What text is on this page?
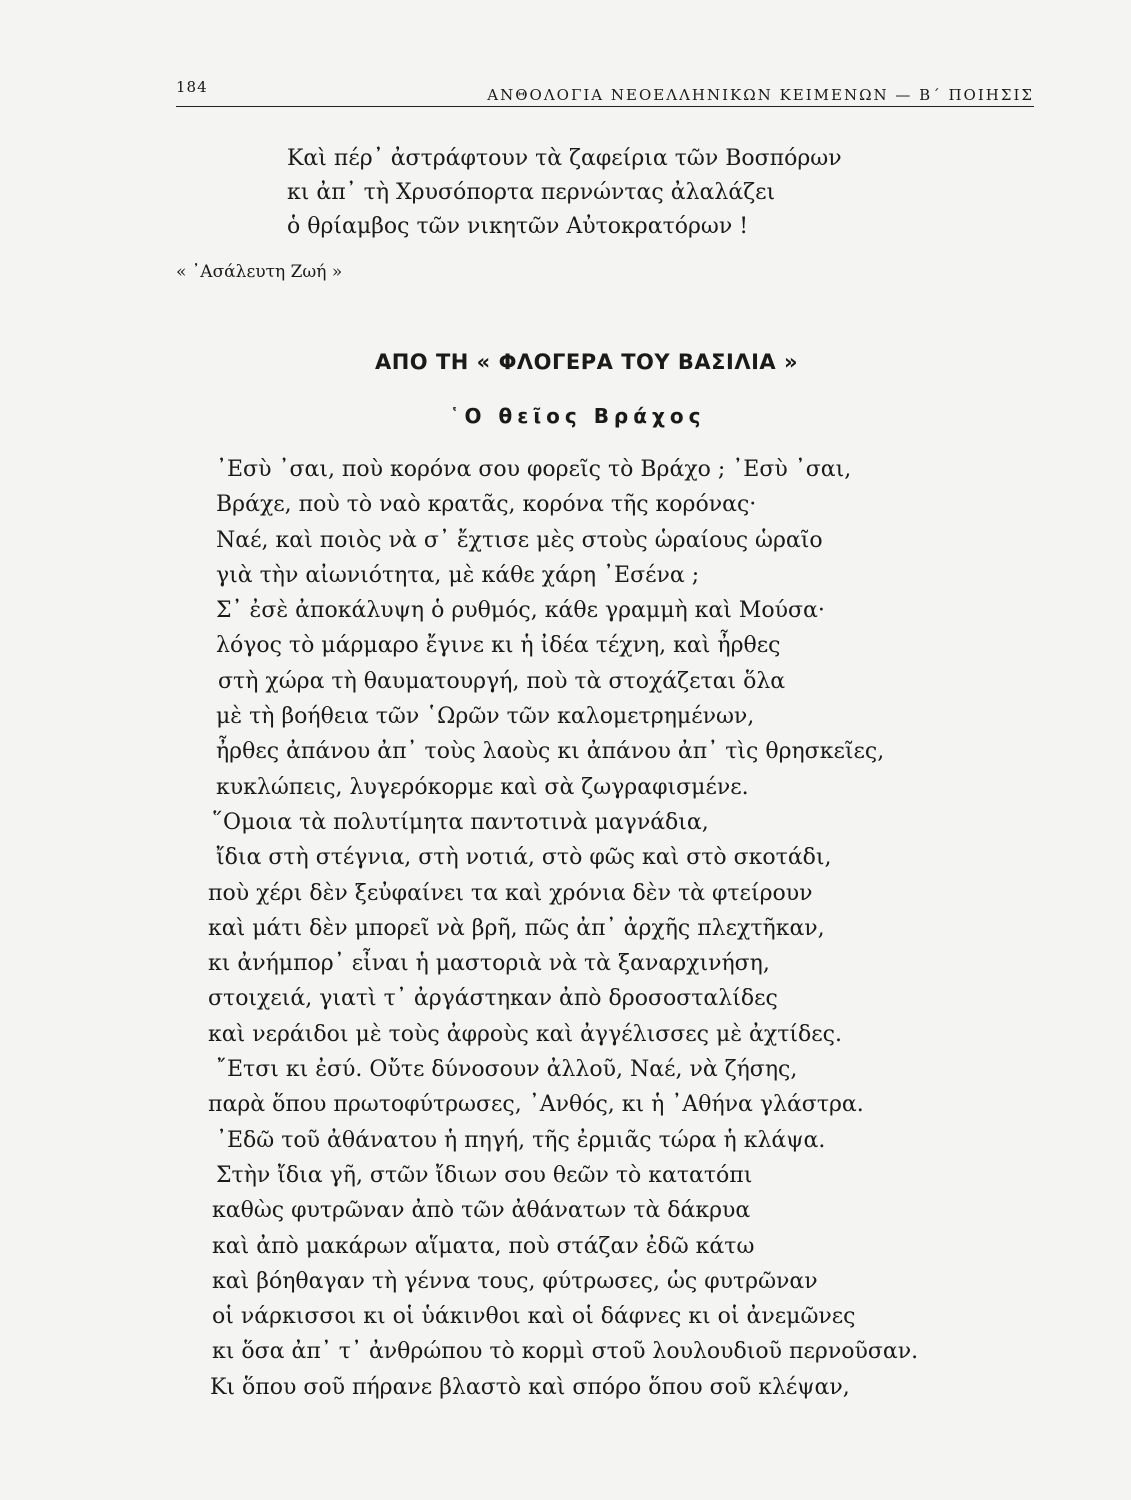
184	ΑΝΘΟΛΟΓΙΑ ΝΕΟΕΛΛΗΝΙΚΩΝ ΚΕΙΜΕΝΩΝ — Β΄ ΠΟΙΗΣΙΣ
Καὶ πέρ᾽ ἀστράφτουν τὰ ζαφείρια τῶν Βοσπόρων
κι ἀπ᾽ τὴ Χρυσόπορτα περνώντας ἀλαλάζει
ὁ θρίαμβος τῶν νικητῶν Αὐτοκρατόρων !
« ᾿Ασάλευτη Ζωή »
ΑΠΟ ΤΗ « ΦΛΟΓΕΡΑ ΤΟΥ ΒΑΣΙΛΙΑ »
῾Ο θεῖος Βράχος
᾿Εσὺ ᾿σαι, ποὺ κορόνα σου φορεῖς τὸ Βράχο ; ᾿Εσὺ ᾿σαι,
Βράχε, ποὺ τὸ ναὸ κρατᾶς, κορόνα τῆς κορόνας·
Ναέ, καὶ ποιὸς νὰ σ᾽ ἔχτισε μὲς στοὺς ὡραίους ὡραῖο
γιὰ τὴν αἰωνιότητα, μὲ κάθε χάρη ᾿Εσένα ;
Σ᾽ ἐσὲ ἀποκάλυψη ὁ ρυθμός, κάθε γραμμὴ καὶ Μούσα·
λόγος τὸ μάρμαρο ἔγινε κι ἡ ἰδέα τέχνη, καὶ ἦρθες
στὴ χώρα τὴ θαυματουργή, ποὺ τὰ στοχάζεται ὅλα
μὲ τὴ βοήθεια τῶν ῾Ωρῶν τῶν καλομετρημένων,
ἦρθες ἀπάνου ἀπ᾽ τοὺς λαοὺς κι ἀπάνου ἀπ᾽ τὶς θρησκεῖες,
κυκλώπεις, λυγερόκορμε καὶ σὰ ζωγραφισμένε.
῞Ομοια τὰ πολυτίμητα παντοτινὰ μαγνάδια,
ἴδια στὴ στέγνια, στὴ νοτιά, στὸ φῶς καὶ στὸ σκοτάδι,
ποὺ χέρι δὲν ξεὐφαίνει τα καὶ χρόνια δὲν τὰ φτείρουν
καὶ μάτι δὲν μπορεῖ νὰ βρῆ, πῶς ἀπ᾽ ἀρχῆς πλεχτῆκαν,
κι ἀνήμπορ᾽ εἶναι ἡ μαστοριὰ νὰ τὰ ξαναρχινήση,
στοιχειά, γιατὶ τ᾽ ἀργάστηκαν ἀπὸ δροσοσταλίδες
καὶ νεράιδοι μὲ τοὺς ἀφροὺς καὶ ἀγγέλισσες μὲ ἀχτίδες.
῎Ετσι κι ἐσύ. Οὔτε δύνοσουν ἀλλοῦ, Ναέ, νὰ ζήσης,
παρὰ ὅπου πρωτοφύτρωσες, ᾿Ανθός, κι ἡ ᾿Αθήνα γλάστρα.
᾿Εδῶ τοῦ ἀθάνατου ἡ πηγή, τῆς ἐρμιᾶς τώρα ἡ κλάψα.
Στὴν ἴδια γῆ, στῶν ἴδιων σου θεῶν τὸ κατατόπι
καθὼς φυτρῶναν ἀπὸ τῶν ἀθάνατων τὰ δάκρυα
καὶ ἀπὸ μακάρων αἵματα, ποὺ στάζαν ἐδῶ κάτω
καὶ βόηθαγαν τὴ γέννα τους, φύτρωσες, ὡς φυτρῶναν
οἱ νάρκισσοι κι οἱ ὑάκινθοι καὶ οἱ δάφνες κι οἱ ἀνεμῶνες
κι ὅσα ἀπ᾽ τ᾽ ἀνθρώπου τὸ κορμὶ στοῦ λουλουδιοῦ περνοῦσαν.
Κι ὅπου σοῦ πήρανε βλαστὸ καὶ σπόρο ὅπου σοῦ κλέψαν,
